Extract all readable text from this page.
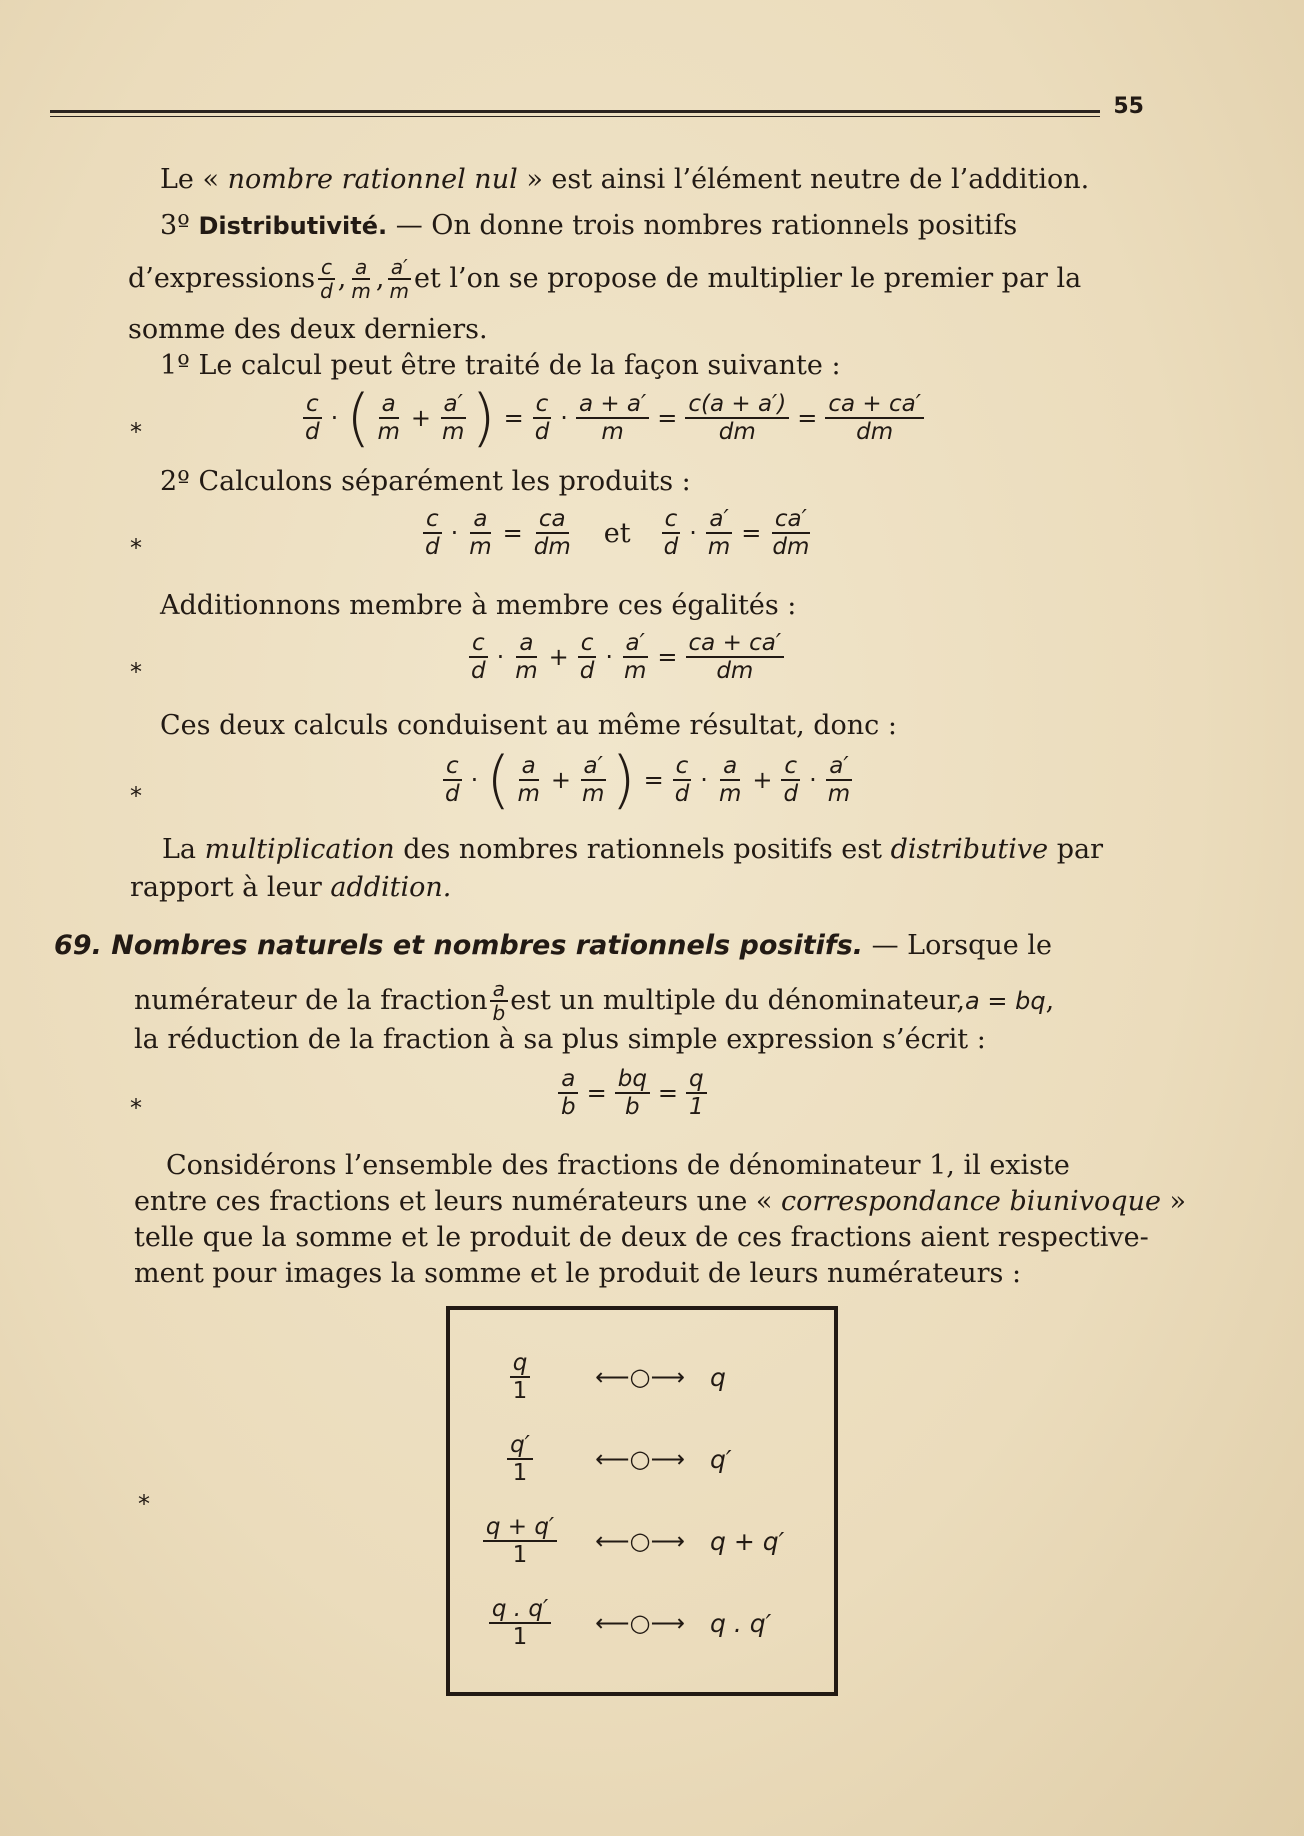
55
Le « nombre rationnel nul » est ainsi l’élément neutre de l’addition.
3º Distributivité. — On donne trois nombres rationnels positifs
d’expressions $\frac{c}{d}$ , $\frac{a}{m}$ , $\frac{a'}{m}$ et l’on se propose de multiplier le premier par la
somme des deux derniers.
1º Le calcul peut être traité de la façon suivante :
*	$\frac{c}{d}$ · ( $\frac{a}{m} + \frac{a'}{m}$ ) = $\frac{c}{d} \cdot \frac{a + a'}{m} = \frac{c(a + a')}{dm} = \frac{ca + ca'}{dm}$
2º Calculons séparément les produits :
*	$\frac{c}{d} \cdot \frac{a}{m} = \frac{ca}{dm}$ et $\frac{c}{d} \cdot \frac{a'}{m} = \frac{ca'}{dm}$
Additionnons membre à membre ces égalités :
*	$\frac{c}{d} \cdot \frac{a}{m} + \frac{c}{d} \cdot \frac{a'}{m} = \frac{ca + ca'}{dm}$
Ces deux calculs conduisent au même résultat, donc :
*	$\frac{c}{d}$ · ( $\frac{a}{m} + \frac{a'}{m}$ ) = $\frac{c}{d} \cdot \frac{a}{m} + \frac{c}{d} \cdot \frac{a'}{m}$
La multiplication des nombres rationnels positifs est distributive par
rapport à leur addition.
69. Nombres naturels et nombres rationnels positifs. — Lorsque le
numérateur de la fraction $\frac{a}{b}$ est un multiple du dénominateur, a = bq ,
la réduction de la fraction à sa plus simple expression s’écrit :
*	$\frac{a}{b} = \frac{bq}{b} = \frac{q}{1}$
Considérons l’ensemble des fractions de dénominateur 1, il existe
entre ces fractions et leurs numérateurs une « correspondance biunivoque »
telle que la somme et le produit de deux de ces fractions aient respective-
ment pour images la somme et le produit de leurs numérateurs :
*
$\frac{q}{1}$	⟵○⟶ q
$\frac{q'}{1}$	⟵○⟶ q′
$\frac{q + q'}{1}$ ⟵○⟶ q + q′
$\frac{q . q'}{1}$ ⟵○⟶ q . q′
